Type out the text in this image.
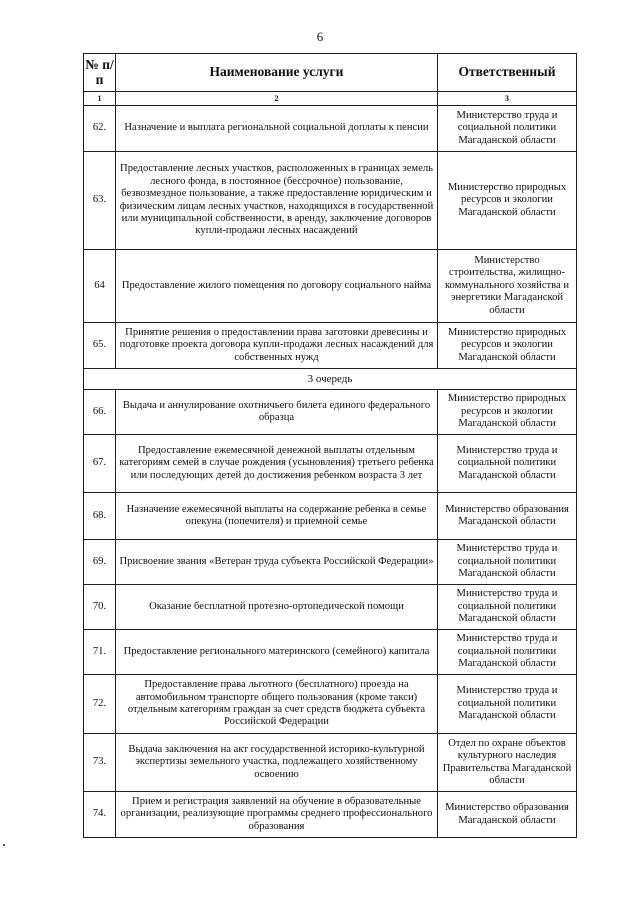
6
№ п/п	Наименование услуги	Ответственный
1	2	3
62.	Назначение и выплата региональной социальной доплаты к пенсии	Министерство труда и социальной политики Магаданской области
63.	Предоставление лесных участков, расположенных в границах земель лесного фонда, в постоянное (бессрочное) пользование, безвозмездное пользование, а также предоставление юридическим и физическим лицам лесных участков, находящихся в государственной или муниципальной собственности, в аренду, заключение договоров купли-продажи лесных насаждений	Министерство природных ресурсов и экологии Магаданской области
64	Предоставление жилого помещения по договору социального найма	Министерство строительства, жилищно-коммунального хозяйства и энергетики Магаданской области
65.	Принятие решения о предоставлении права заготовки древесины и подготовке проекта договора купли-продажи лесных насаждений для собственных нужд	Министерство природных ресурсов и экологии Магаданской области
3 очередь		
66.	Выдача и аннулирование охотничьего билета единого федерального образца	Министерство природных ресурсов и экологии Магаданской области
67.	Предоставление ежемесячной денежной выплаты отдельным категориям семей в случае рождения (усыновления) третьего ребенка или последующих детей до достижения ребенком возраста 3 лет	Министерство труда и социальной политики Магаданской области
68.	Назначение ежемесячной выплаты на содержание ребенка в семье опекуна (попечителя) и приемной семье	Министерство образования Магаданской области
69.	Присвоение звания «Ветеран труда субъекта Российской Федерации»	Министерство труда и социальной политики Магаданской области
70.	Оказание бесплатной протезно-ортопедической помощи	Министерство труда и социальной политики Магаданской области
71.	Предоставление регионального материнского (семейного) капитала	Министерство труда и социальной политики Магаданской области
72.	Предоставление права льготного (бесплатного) проезда на автомобильном транспорте общего пользования (кроме такси) отдельным категориям граждан за счет средств бюджета субъекта Российской Федерации	Министерство труда и социальной политики Магаданской области
73.	Выдача заключения на акт государственной историко-культурной экспертизы земельного участка, подлежащего хозяйственному освоению	Отдел по охране объектов культурного наследия Правительства Магаданской области
74.	Прием и регистрация заявлений на обучение в образовательные организации, реализующие программы среднего профессионального образования	Министерство образования Магаданской области
